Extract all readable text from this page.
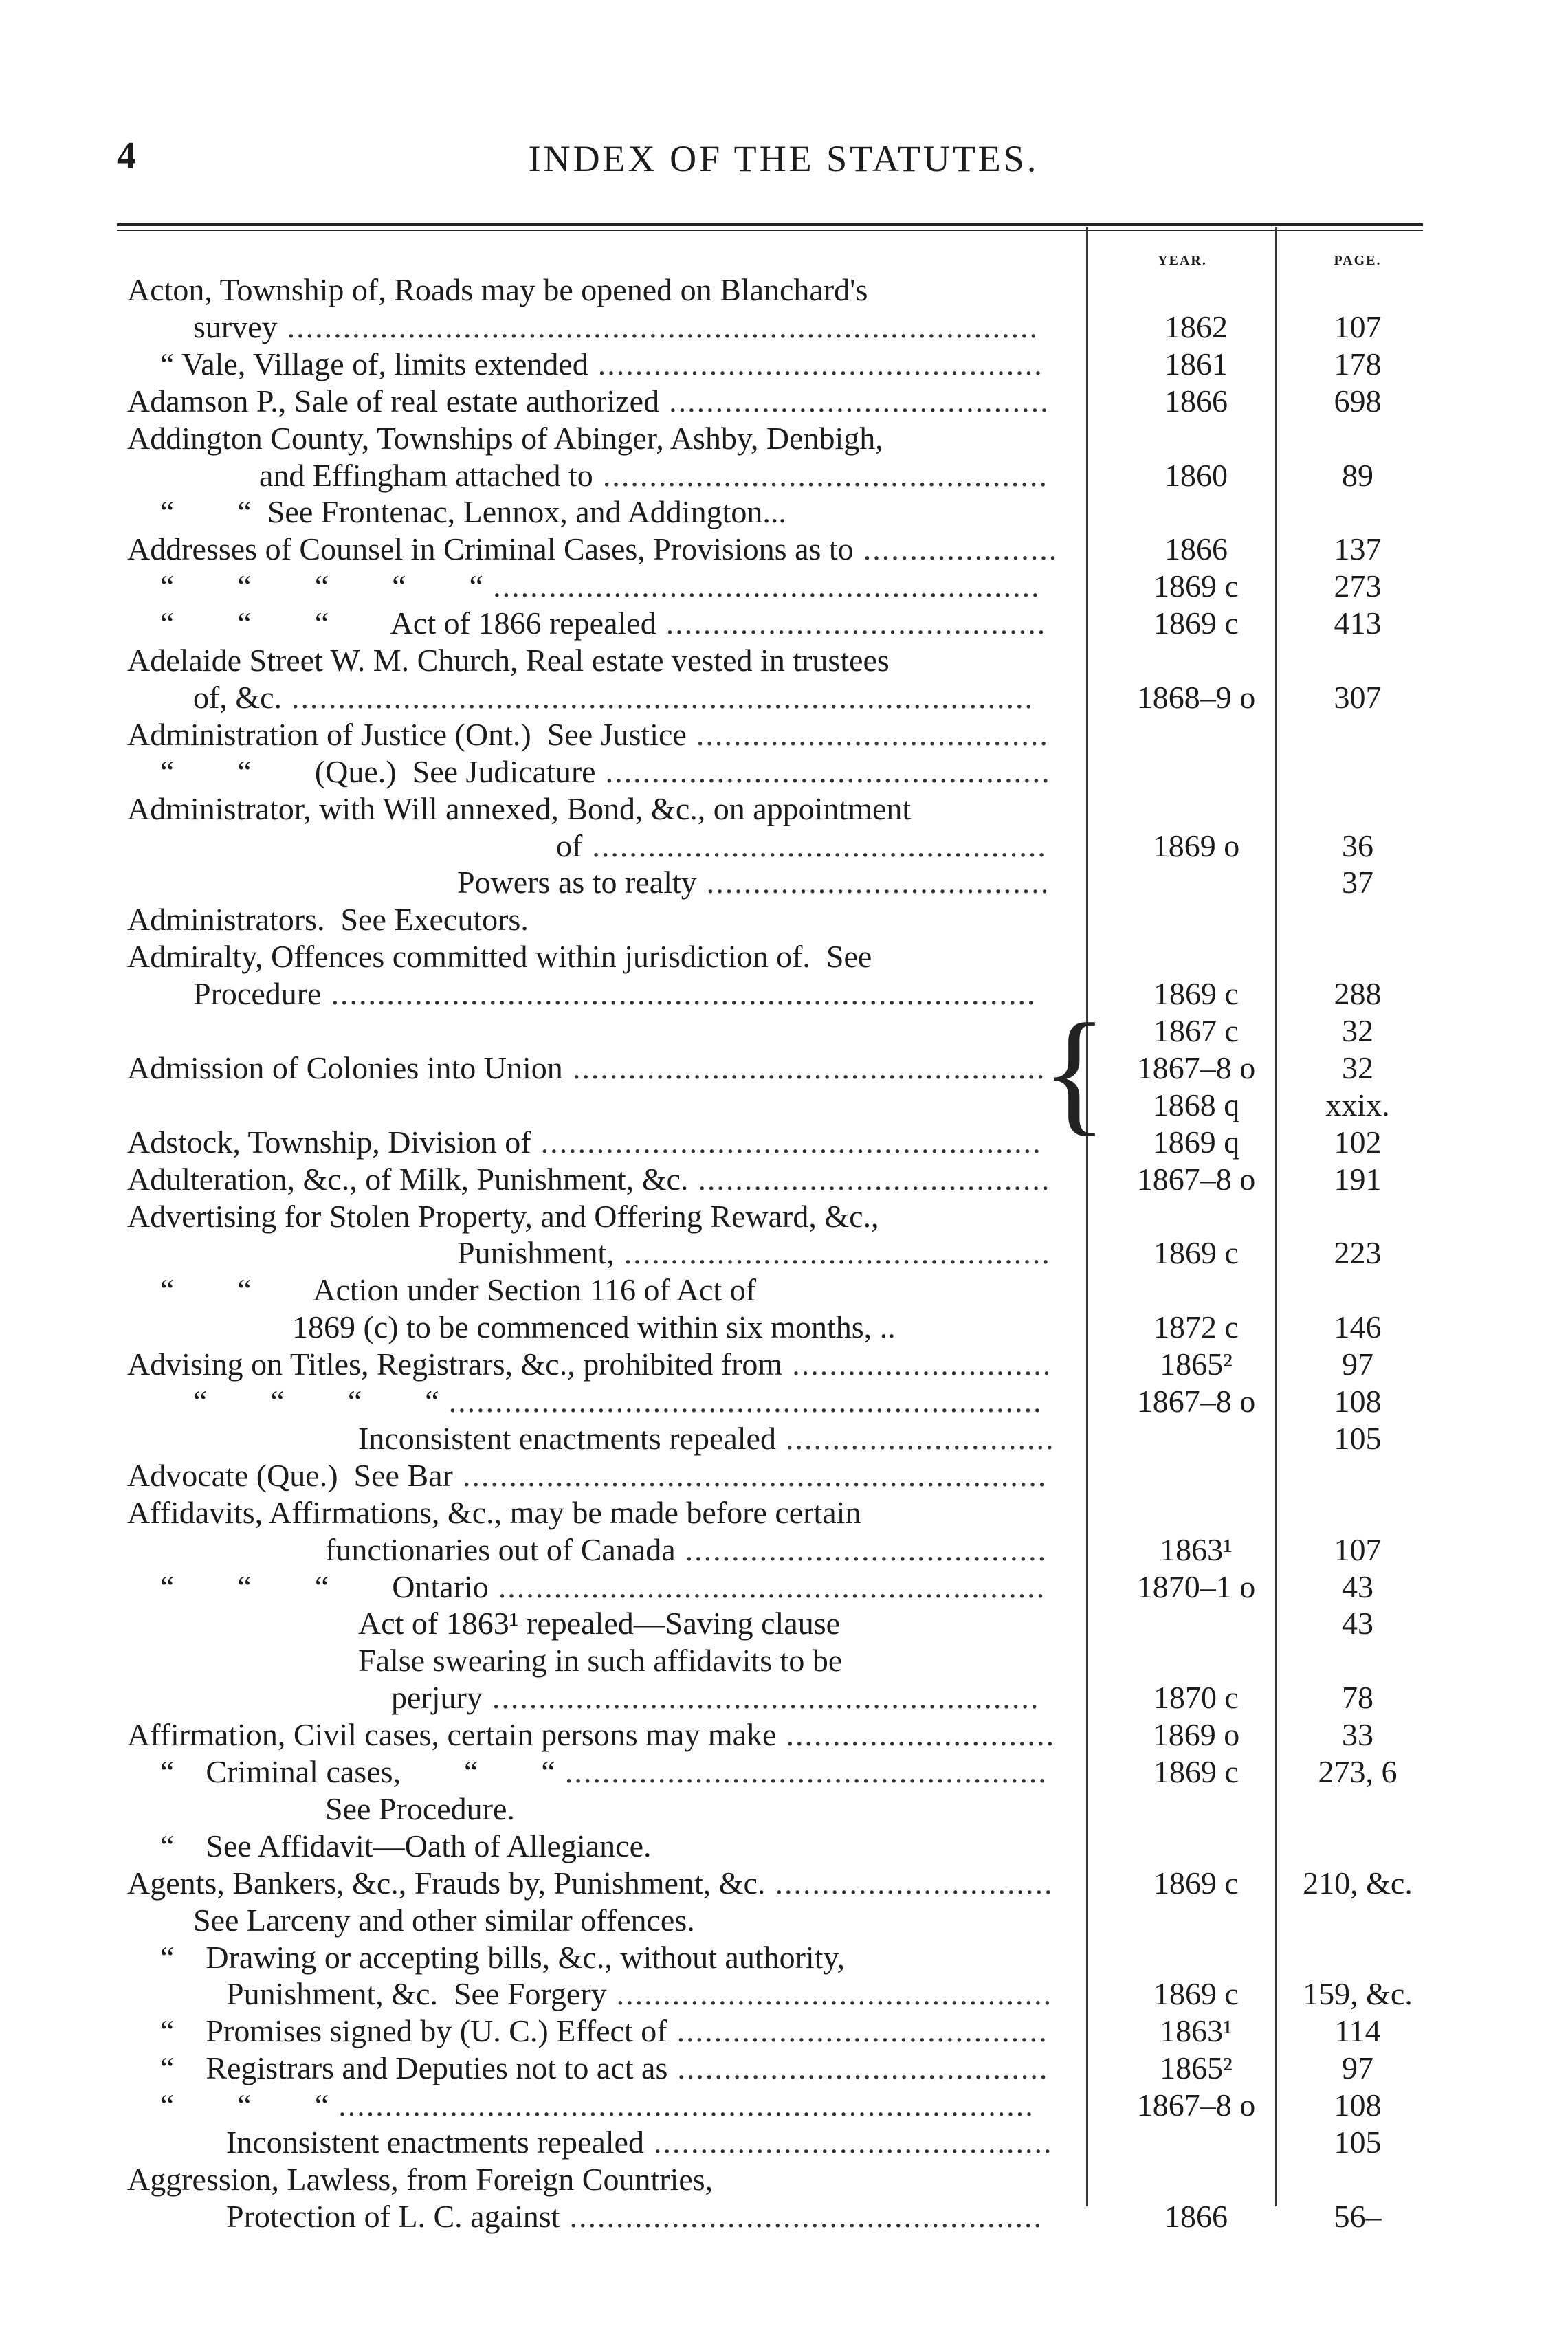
4	INDEX OF THE STATUTES.
YEAR.	PAGE.
{
Acton, Township of, Roads may be opened on Blanchard's
survey	1862	107
.................................................................................
“ Vale, Village of, limits extended	1861	178
................................................
Adamson P., Sale of real estate authorized	1866	698
.........................................
Addington County, Townships of Abinger, Ashby, Denbigh,
and Effingham attached to	1860	89
................................................
“        “  See Frontenac, Lennox, and Addington...
Addresses of Counsel in Criminal Cases, Provisions as to	1866	137
.....................
“        “        “        “        “	1869 c	273
...........................................................
“        “        “        Act of 1866 repealed	1869 c	413
.........................................
Adelaide Street W. M. Church, Real estate vested in trustees
of, &c.	1868–9 o	307
................................................................................
Administration of Justice (Ont.)  See Justice ......................................
“        “        (Que.)  See Judicature ................................................
Administrator, with Will annexed, Bond, &c., on appointment
of	1869 o	36
.................................................
Powers as to realty	37
.....................................
Administrators.  See Executors.
Admiralty, Offences committed within jurisdiction of.  See
Procedure	1869 c	288
............................................................................
1867 c	32
Admission of Colonies into Union	1867–8 o	32
...................................................
1868 q	xxix.
Adstock, Township, Division of	1869 q	102
......................................................
Adulteration, &c., of Milk, Punishment, &c.	1867–8 o	191
......................................
Advertising for Stolen Property, and Offering Reward, &c.,
Punishment,	1869 c	223
..............................................
“        “        Action under Section 116 of Act of
1869 (c) to be commenced within six months, ..	1872 c	146
Advising on Titles, Registrars, &c., prohibited from	1865²	97
............................
“        “        “        “	1867–8 o	108
................................................................
Inconsistent enactments repealed	105
.............................
Advocate (Que.)  See Bar ...............................................................
Affidavits, Affirmations, &c., may be made before certain
functionaries out of Canada	1863¹	107
.......................................
“        “        “        Ontario	1870–1 o	43
...........................................................
Act of 1863¹ repealed—Saving clause	43
False swearing in such affidavits to be
perjury	1870 c	78
...........................................................
Affirmation, Civil cases, certain persons may make	1869 o	33
.............................
“    Criminal cases,        “        “	1869 c	273, 6
....................................................
See Procedure.
“    See Affidavit—Oath of Allegiance.
Agents, Bankers, &c., Frauds by, Punishment, &c.	1869 c	210, &c.
..............................
See Larceny and other similar offences.
“    Drawing or accepting bills, &c., without authority,
Punishment, &c.  See Forgery	1869 c	159, &c.
...............................................
“    Promises signed by (U. C.) Effect of	1863¹	114
........................................
“    Registrars and Deputies not to act as	1865²	97
........................................
“        “        “	1867–8 o	108
...........................................................................
Inconsistent enactments repealed	105
...........................................
Aggression, Lawless, from Foreign Countries,
Protection of L. C. against	1866	56–
...................................................
